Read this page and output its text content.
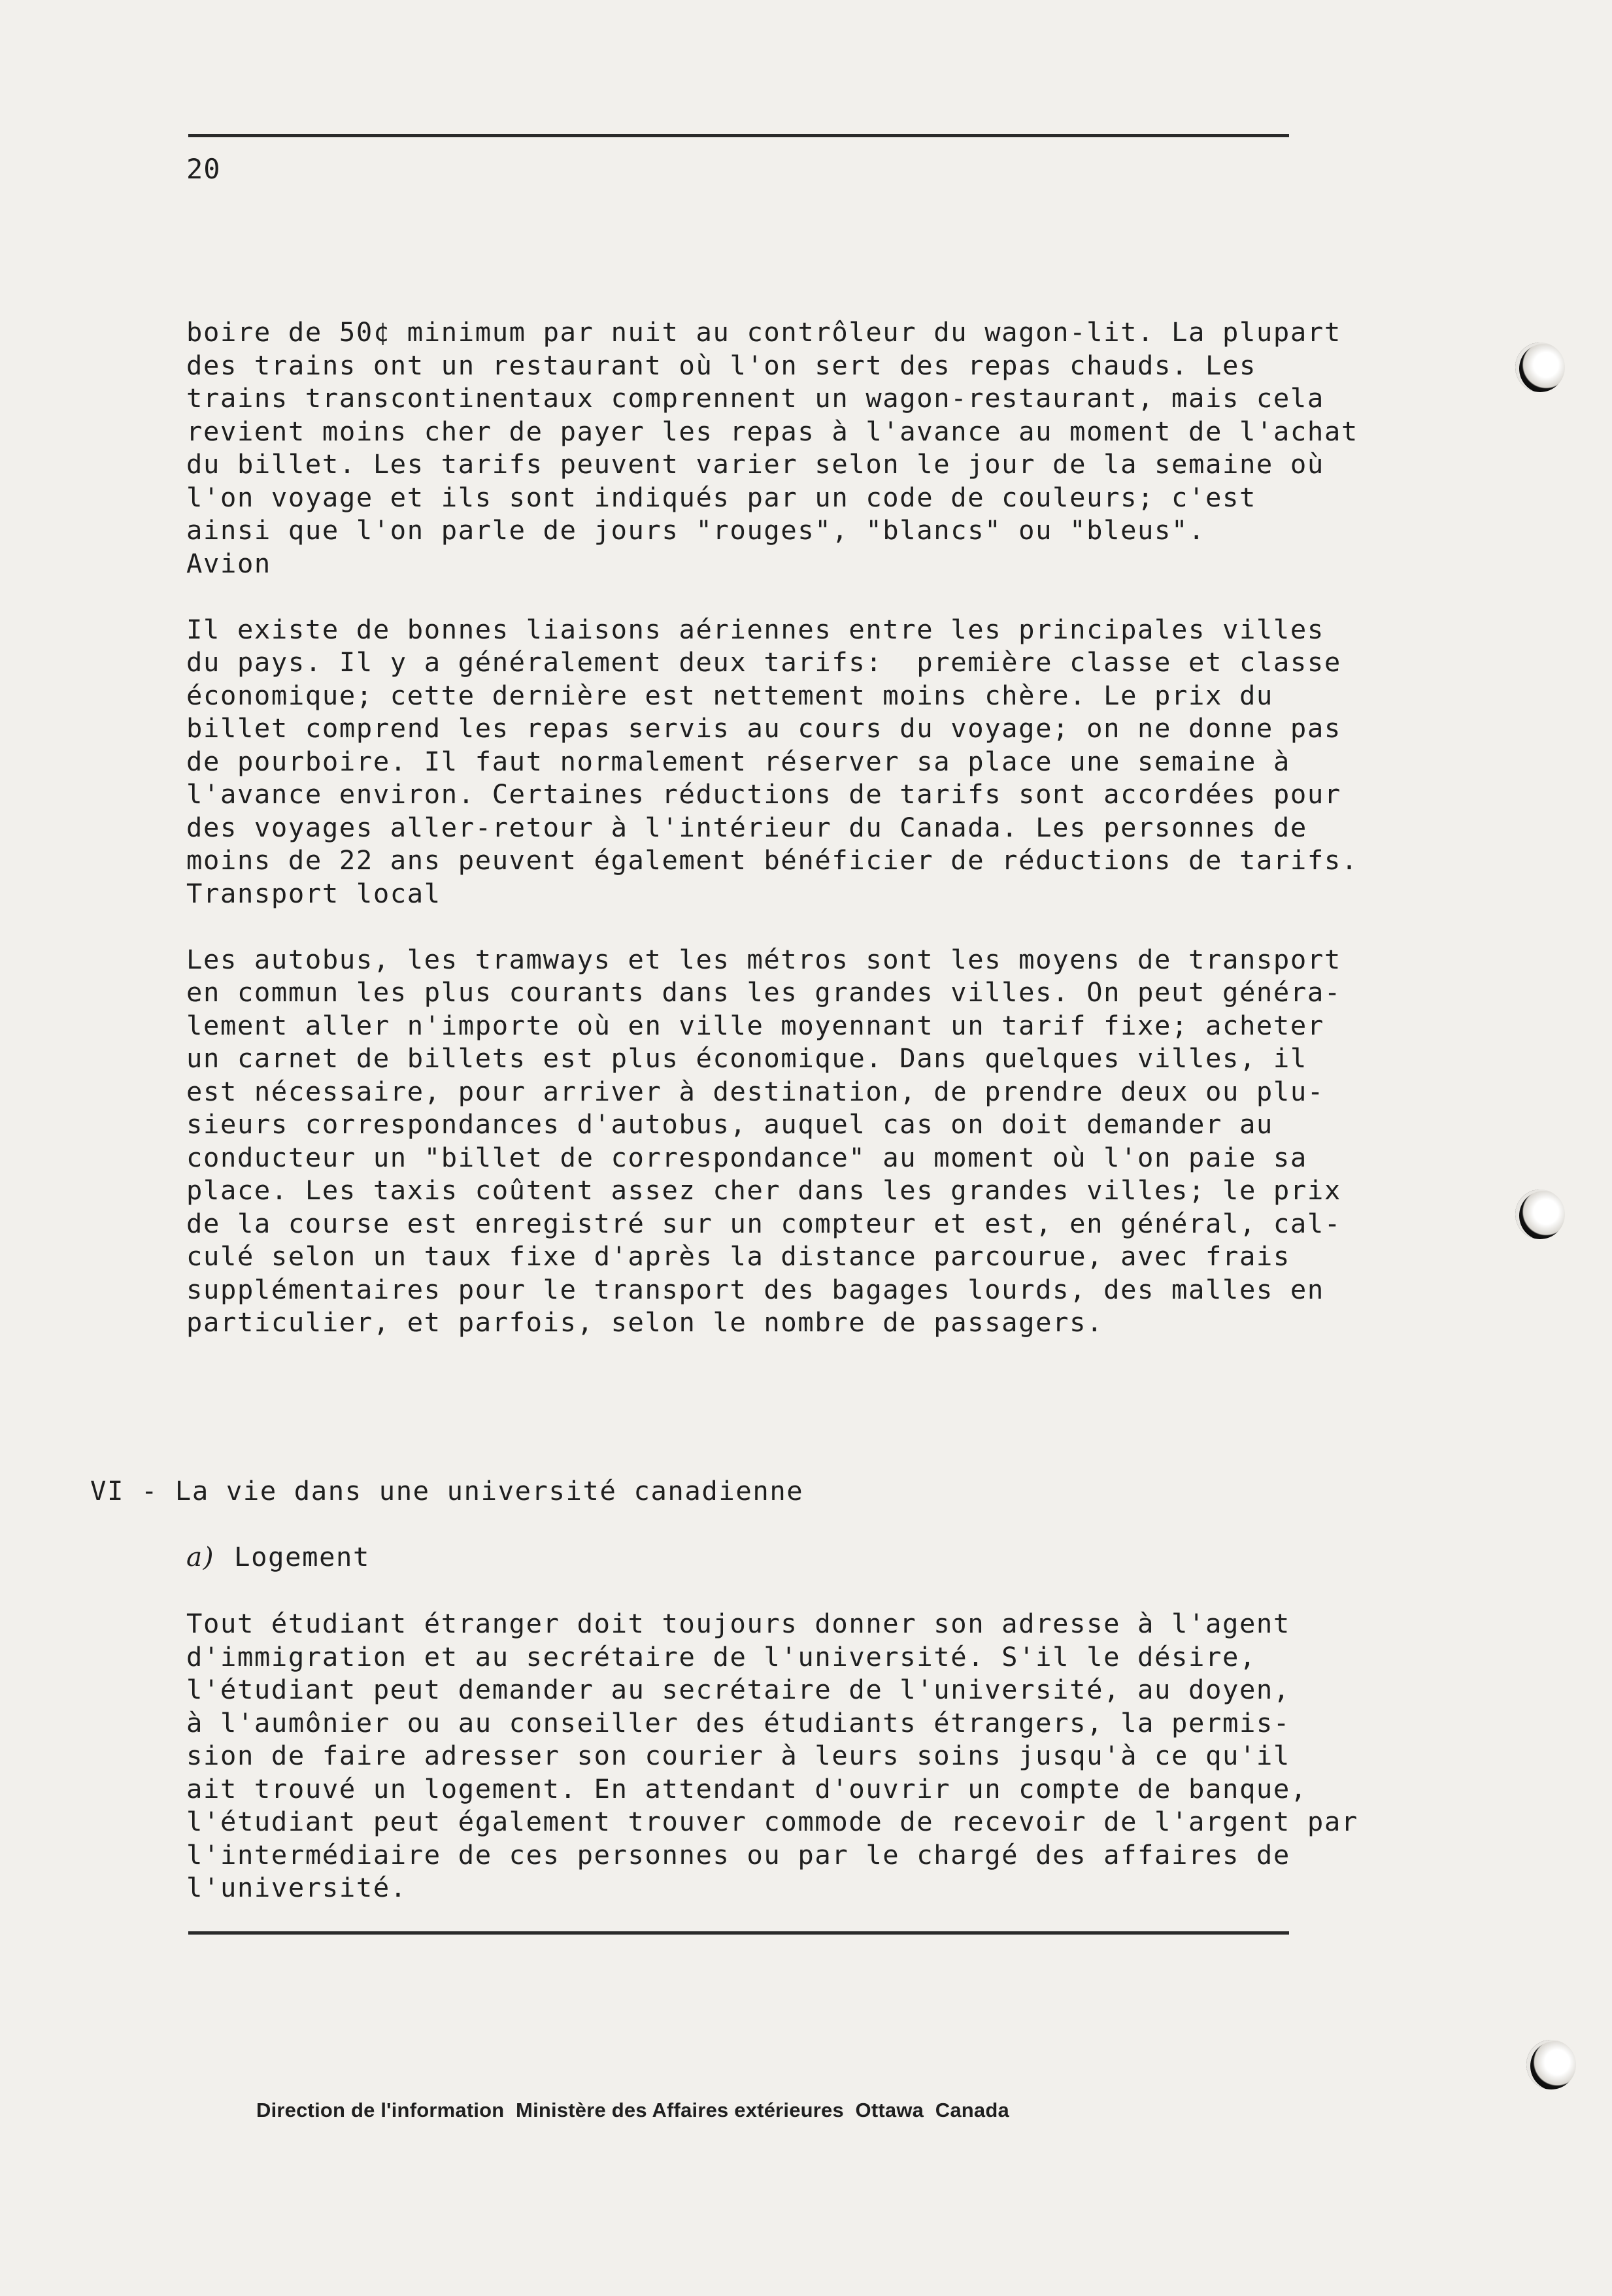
20

boire de 50¢ minimum par nuit au contrôleur du wagon-lit. La plupart

des trains ont un restaurant où l'on sert des repas chauds. Les

trains transcontinentaux comprennent un wagon-restaurant, mais cela

revient moins cher de payer les repas à l'avance au moment de l'achat

du billet. Les tarifs peuvent varier selon le jour de la semaine où

l'on voyage et ils sont indiqués par un code de couleurs; c'est

ainsi que l'on parle de jours "rouges", "blancs" ou "bleus".

Avion

Il existe de bonnes liaisons aériennes entre les principales villes

du pays. Il y a généralement deux tarifs:  première classe et classe

économique; cette dernière est nettement moins chère. Le prix du

billet comprend les repas servis au cours du voyage; on ne donne pas

de pourboire. Il faut normalement réserver sa place une semaine à

l'avance environ. Certaines réductions de tarifs sont accordées pour

des voyages aller-retour à l'intérieur du Canada. Les personnes de

moins de 22 ans peuvent également bénéficier de réductions de tarifs.

Transport local

Les autobus, les tramways et les métros sont les moyens de transport

en commun les plus courants dans les grandes villes. On peut généra-

lement aller n'importe où en ville moyennant un tarif fixe; acheter

un carnet de billets est plus économique. Dans quelques villes, il

est nécessaire, pour arriver à destination, de prendre deux ou plu-

sieurs correspondances d'autobus, auquel cas on doit demander au

conducteur un "billet de correspondance" au moment où l'on paie sa

place. Les taxis coûtent assez cher dans les grandes villes; le prix

de la course est enregistré sur un compteur et est, en général, cal-

culé selon un taux fixe d'après la distance parcourue, avec frais

supplémentaires pour le transport des bagages lourds, des malles en

particulier, et parfois, selon le nombre de passagers.

VI - La vie dans une université canadienne
a) Logement

Tout étudiant étranger doit toujours donner son adresse à l'agent

d'immigration et au secrétaire de l'université. S'il le désire,

l'étudiant peut demander au secrétaire de l'université, au doyen,

à l'aumônier ou au conseiller des étudiants étrangers, la permis-

sion de faire adresser son courier à leurs soins jusqu'à ce qu'il

ait trouvé un logement. En attendant d'ouvrir un compte de banque,

l'étudiant peut également trouver commode de recevoir de l'argent par

l'intermédiaire de ces personnes ou par le chargé des affaires de

l'université.

Direction de l'information  Ministère des Affaires extérieures  Ottawa  Canada
